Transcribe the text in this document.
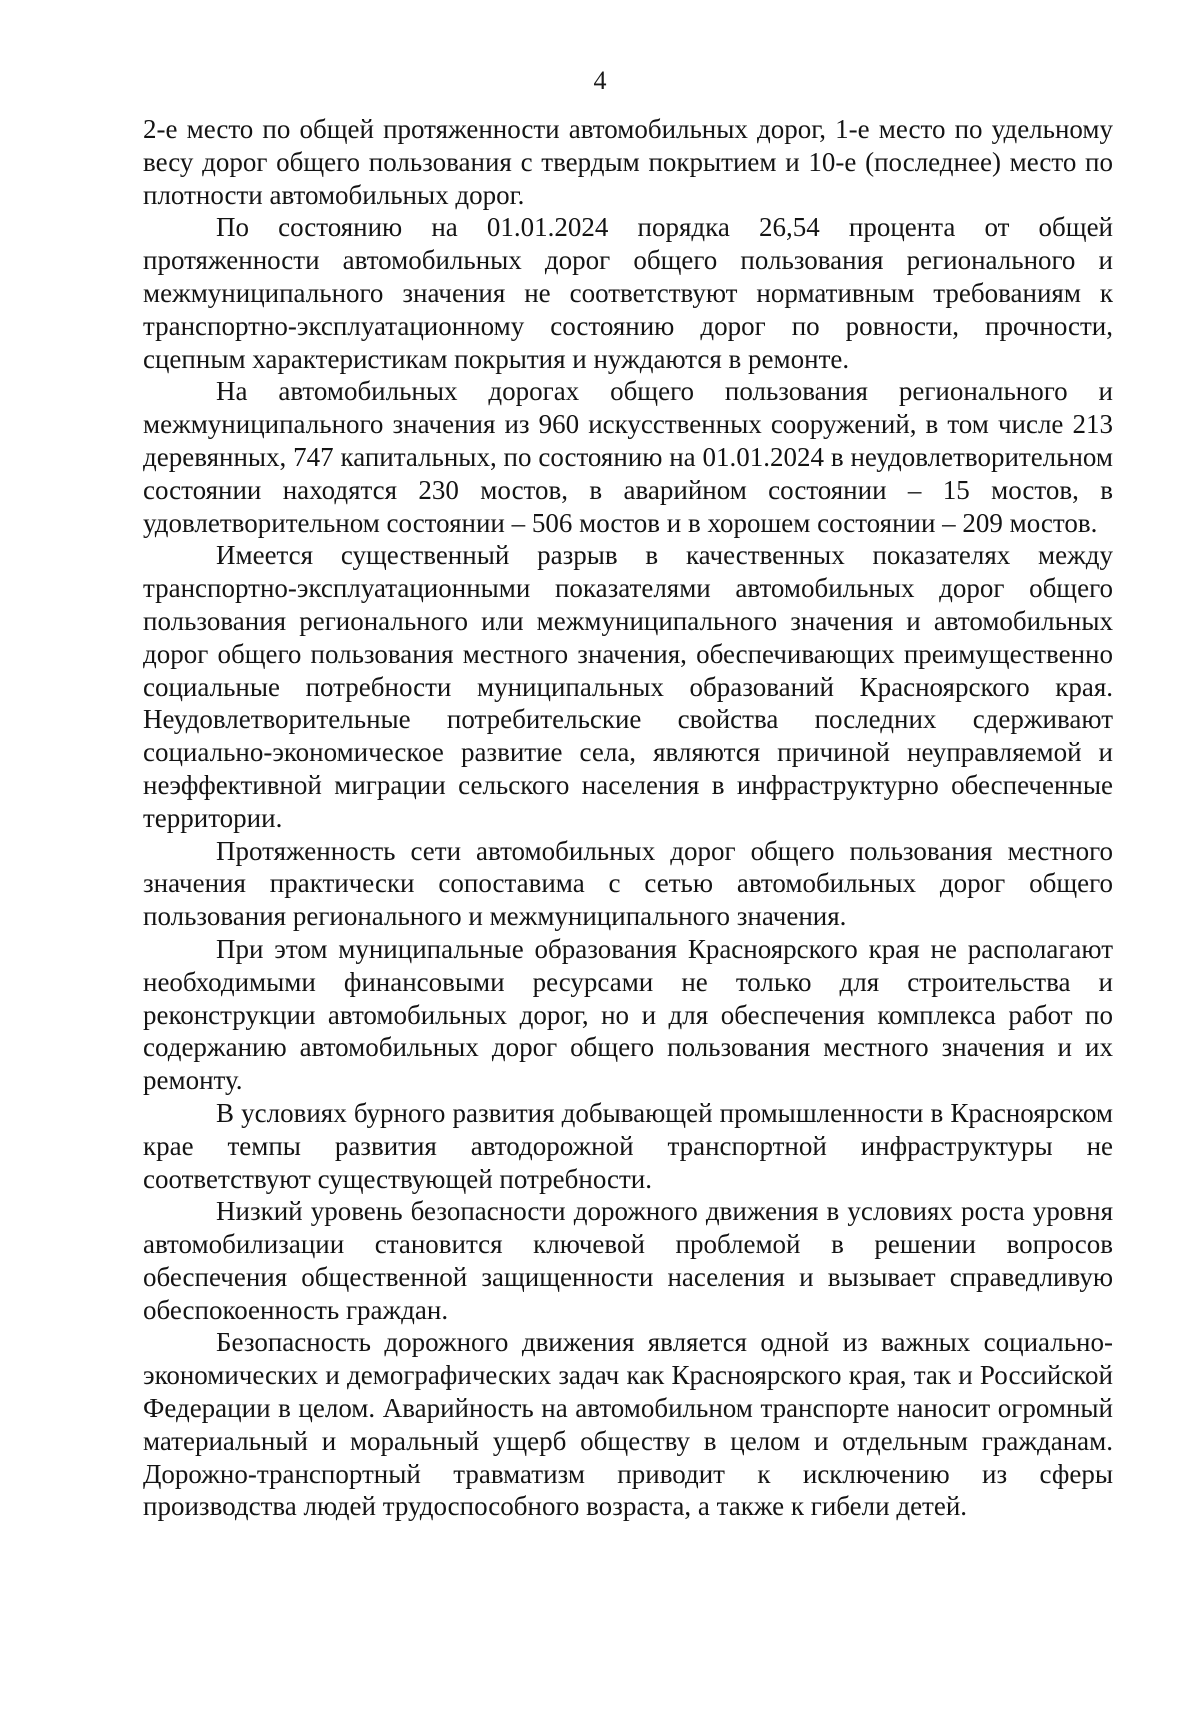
4

2-е место по общей протяженности автомобильных дорог, 1-е место по удельному весу дорог общего пользования с твердым покрытием и 10-е (последнее) место по плотности автомобильных дорог.

По состоянию на 01.01.2024 порядка 26,54 процента от общей протяженности автомобильных дорог общего пользования регионального и межмуниципального значения не соответствуют нормативным требованиям к транспортно-эксплуатационному состоянию дорог по ровности, прочности, сцепным характеристикам покрытия и нуждаются в ремонте.

На автомобильных дорогах общего пользования регионального и межмуниципального значения из 960 искусственных сооружений, в том числе 213 деревянных, 747 капитальных, по состоянию на 01.01.2024 в неудовлетворительном состоянии находятся 230 мостов, в аварийном состоянии – 15 мостов, в удовлетворительном состоянии – 506 мостов и в хорошем состоянии – 209 мостов.

Имеется существенный разрыв в качественных показателях между транспортно-эксплуатационными показателями автомобильных дорог общего пользования регионального или межмуниципального значения и автомобильных дорог общего пользования местного значения, обеспечивающих преимущественно социальные потребности муниципальных образований Красноярского края. Неудовлетворительные потребительские свойства последних сдерживают социально-экономическое развитие села, являются причиной неуправляемой и неэффективной миграции сельского населения в инфраструктурно обеспеченные территории.

Протяженность сети автомобильных дорог общего пользования местного значения практически сопоставима с сетью автомобильных дорог общего пользования регионального и межмуниципального значения.

При этом муниципальные образования Красноярского края не располагают необходимыми финансовыми ресурсами не только для строительства и реконструкции автомобильных дорог, но и для обеспечения комплекса работ по содержанию автомобильных дорог общего пользования местного значения и их ремонту.

В условиях бурного развития добывающей промышленности в Красноярском крае темпы развития автодорожной транспортной инфраструктуры не соответствуют существующей потребности.

Низкий уровень безопасности дорожного движения в условиях роста уровня автомобилизации становится ключевой проблемой в решении вопросов обеспечения общественной защищенности населения и вызывает справедливую обеспокоенность граждан.

Безопасность дорожного движения является одной из важных социально-экономических и демографических задач как Красноярского края, так и Российской Федерации в целом. Аварийность на автомобильном транспорте наносит огромный материальный и моральный ущерб обществу в целом и отдельным гражданам. Дорожно-транспортный травматизм приводит к исключению из сферы производства людей трудоспособного возраста, а также к гибели детей.
